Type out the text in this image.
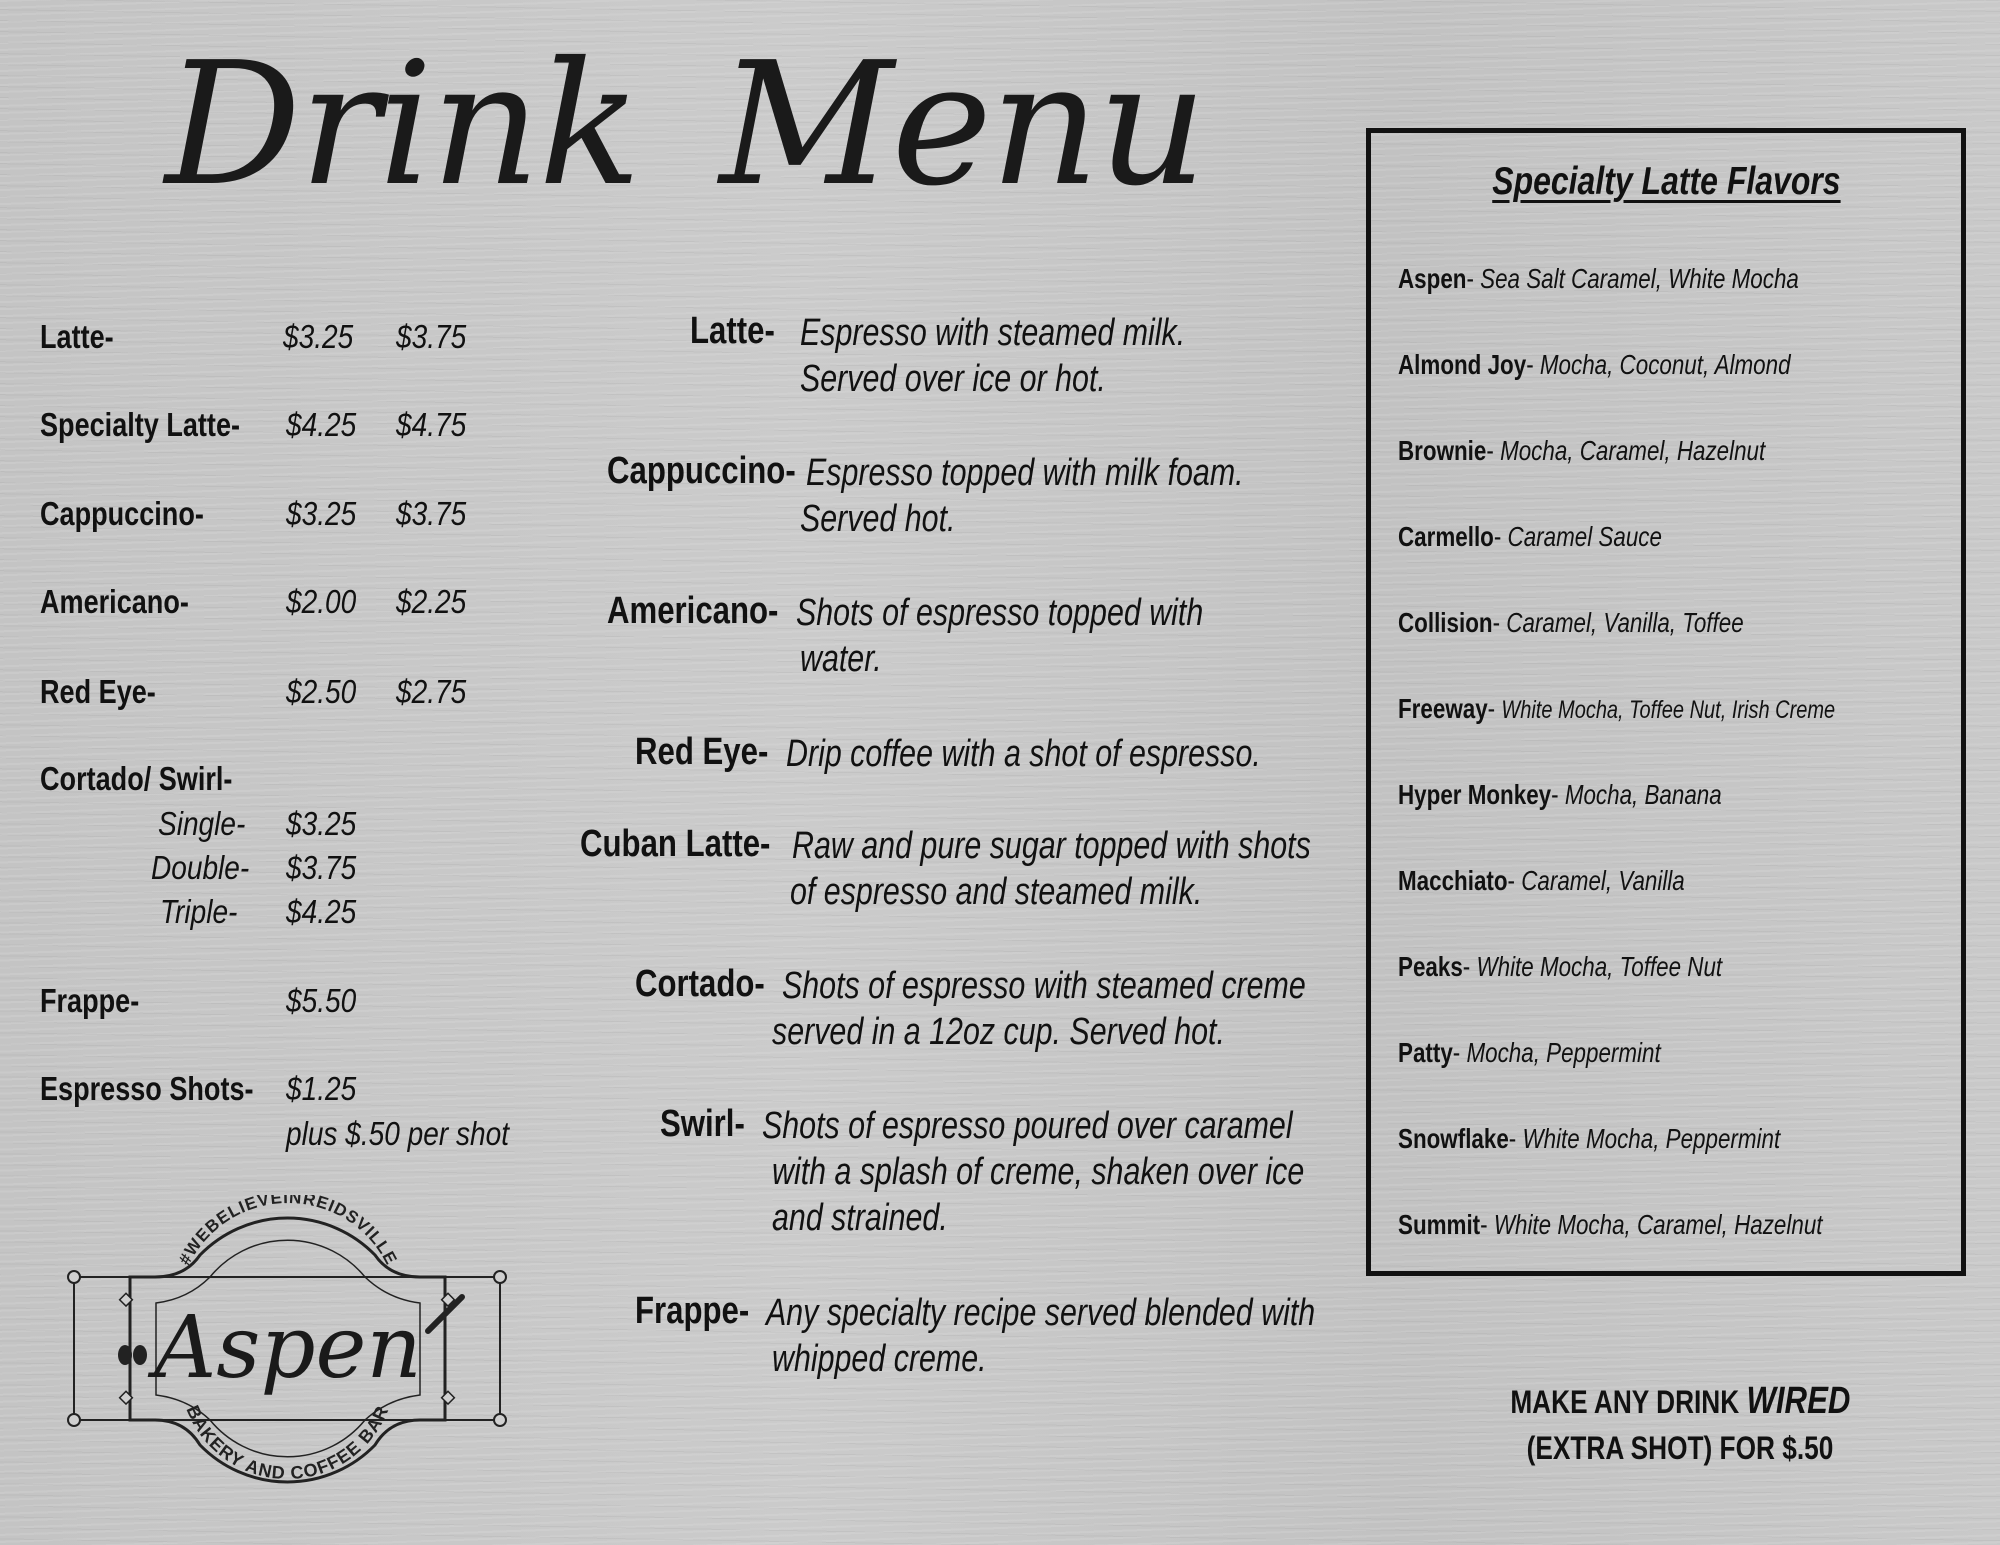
Drink Menu
Latte-	$3.25 $3.75
Specialty Latte- $4.25 $4.75
Cappuccino- $3.25 $3.75
Americano-	$2.00 $2.25
Red Eye-	$2.50 $2.75
Cortado/ Swirl-
Single- $3.25
Double- $3.75
Triple- $4.25
Frappe-	$5.50
Espresso Shots- $1.25
plus $.50 per shot
Latte- Espresso with steamed milk.
Served over ice or hot.
Cappuccino- Espresso topped with milk foam.
Served hot.
Americano- Shots of espresso topped with
water.
Red Eye- Drip coffee with a shot of espresso.
Cuban Latte- Raw and pure sugar topped with shots
of espresso and steamed milk.
Cortado- Shots of espresso with steamed creme
served in a 12oz cup. Served hot.
Swirl- Shots of espresso poured over caramel
with a splash of creme, shaken over ice
and strained.
Frappe- Any specialty recipe served blended with
whipped creme.
Specialty Latte Flavors
Aspen- Sea Salt Caramel, White Mocha
Almond Joy- Mocha, Coconut, Almond
Brownie- Mocha, Caramel, Hazelnut
Carmello- Caramel Sauce
Collision- Caramel, Vanilla, Toffee
Freeway- White Mocha, Toffee Nut, Irish Creme
Hyper Monkey- Mocha, Banana
Macchiato- Caramel, Vanilla
Peaks- White Mocha, Toffee Nut
Patty- Mocha, Peppermint
Snowflake- White Mocha, Peppermint
Summit- White Mocha, Caramel, Hazelnut
MAKE ANY DRINK WIRED
(EXTRA SHOT) FOR $.50
#WEBELIEVEINREIDSVILLE
Aspen
BAKERY AND COFFEE BAR
